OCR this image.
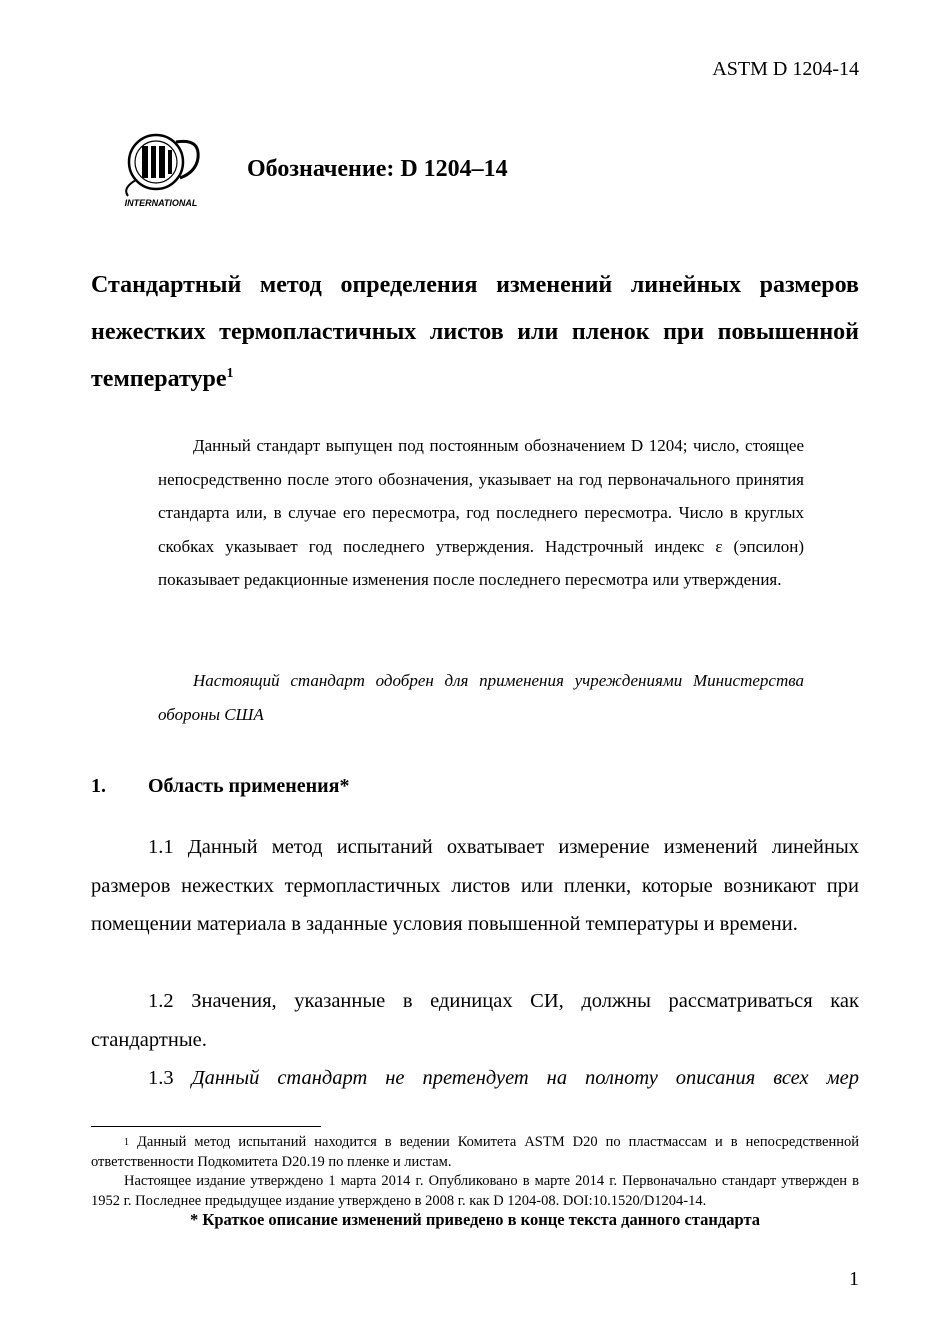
ASTM D 1204-14
INTERNATIONAL
Обозначение: D 1204–14
Стандартный метод определения изменений линейных размеров нежестких термопластичных листов или пленок при повышенной температуре$^1$
Данный стандарт выпущен под постоянным обозначением D 1204; число, стоящее непосредственно после этого обозначения, указывает на год первоначального принятия стандарта или, в случае его пересмотра, год последнего пересмотра. Число в круглых скобках указывает год последнего утверждения. Надстрочный индекс ε (эпсилон) показывает редакционные изменения после последнего пересмотра или утверждения.
Настоящий стандарт одобрен для применения учреждениями Министерства обороны США
1. Область применения*
1.1 Данный метод испытаний охватывает измерение изменений линейных размеров нежестких термопластичных листов или пленки, которые возникают при помещении материала в заданные условия повышенной температуры и времени.
1.2 Значения, указанные в единицах СИ, должны рассматриваться как стандартные.
1.3 Данный стандарт не претендует на полноту описания всех мер
$^1$ Данный метод испытаний находится в ведении Комитета ASTM D20 по пластмассам и в непосредственной ответственности Подкомитета D20.19 по пленке и листам.
Настоящее издание утверждено 1 марта 2014 г. Опубликовано в марте 2014 г. Первоначально стандарт утвержден в 1952 г. Последнее предыдущее издание утверждено в 2008 г. как D 1204-08. DOI:10.1520/D1204-14.
* Краткое описание изменений приведено в конце текста данного стандарта
1
